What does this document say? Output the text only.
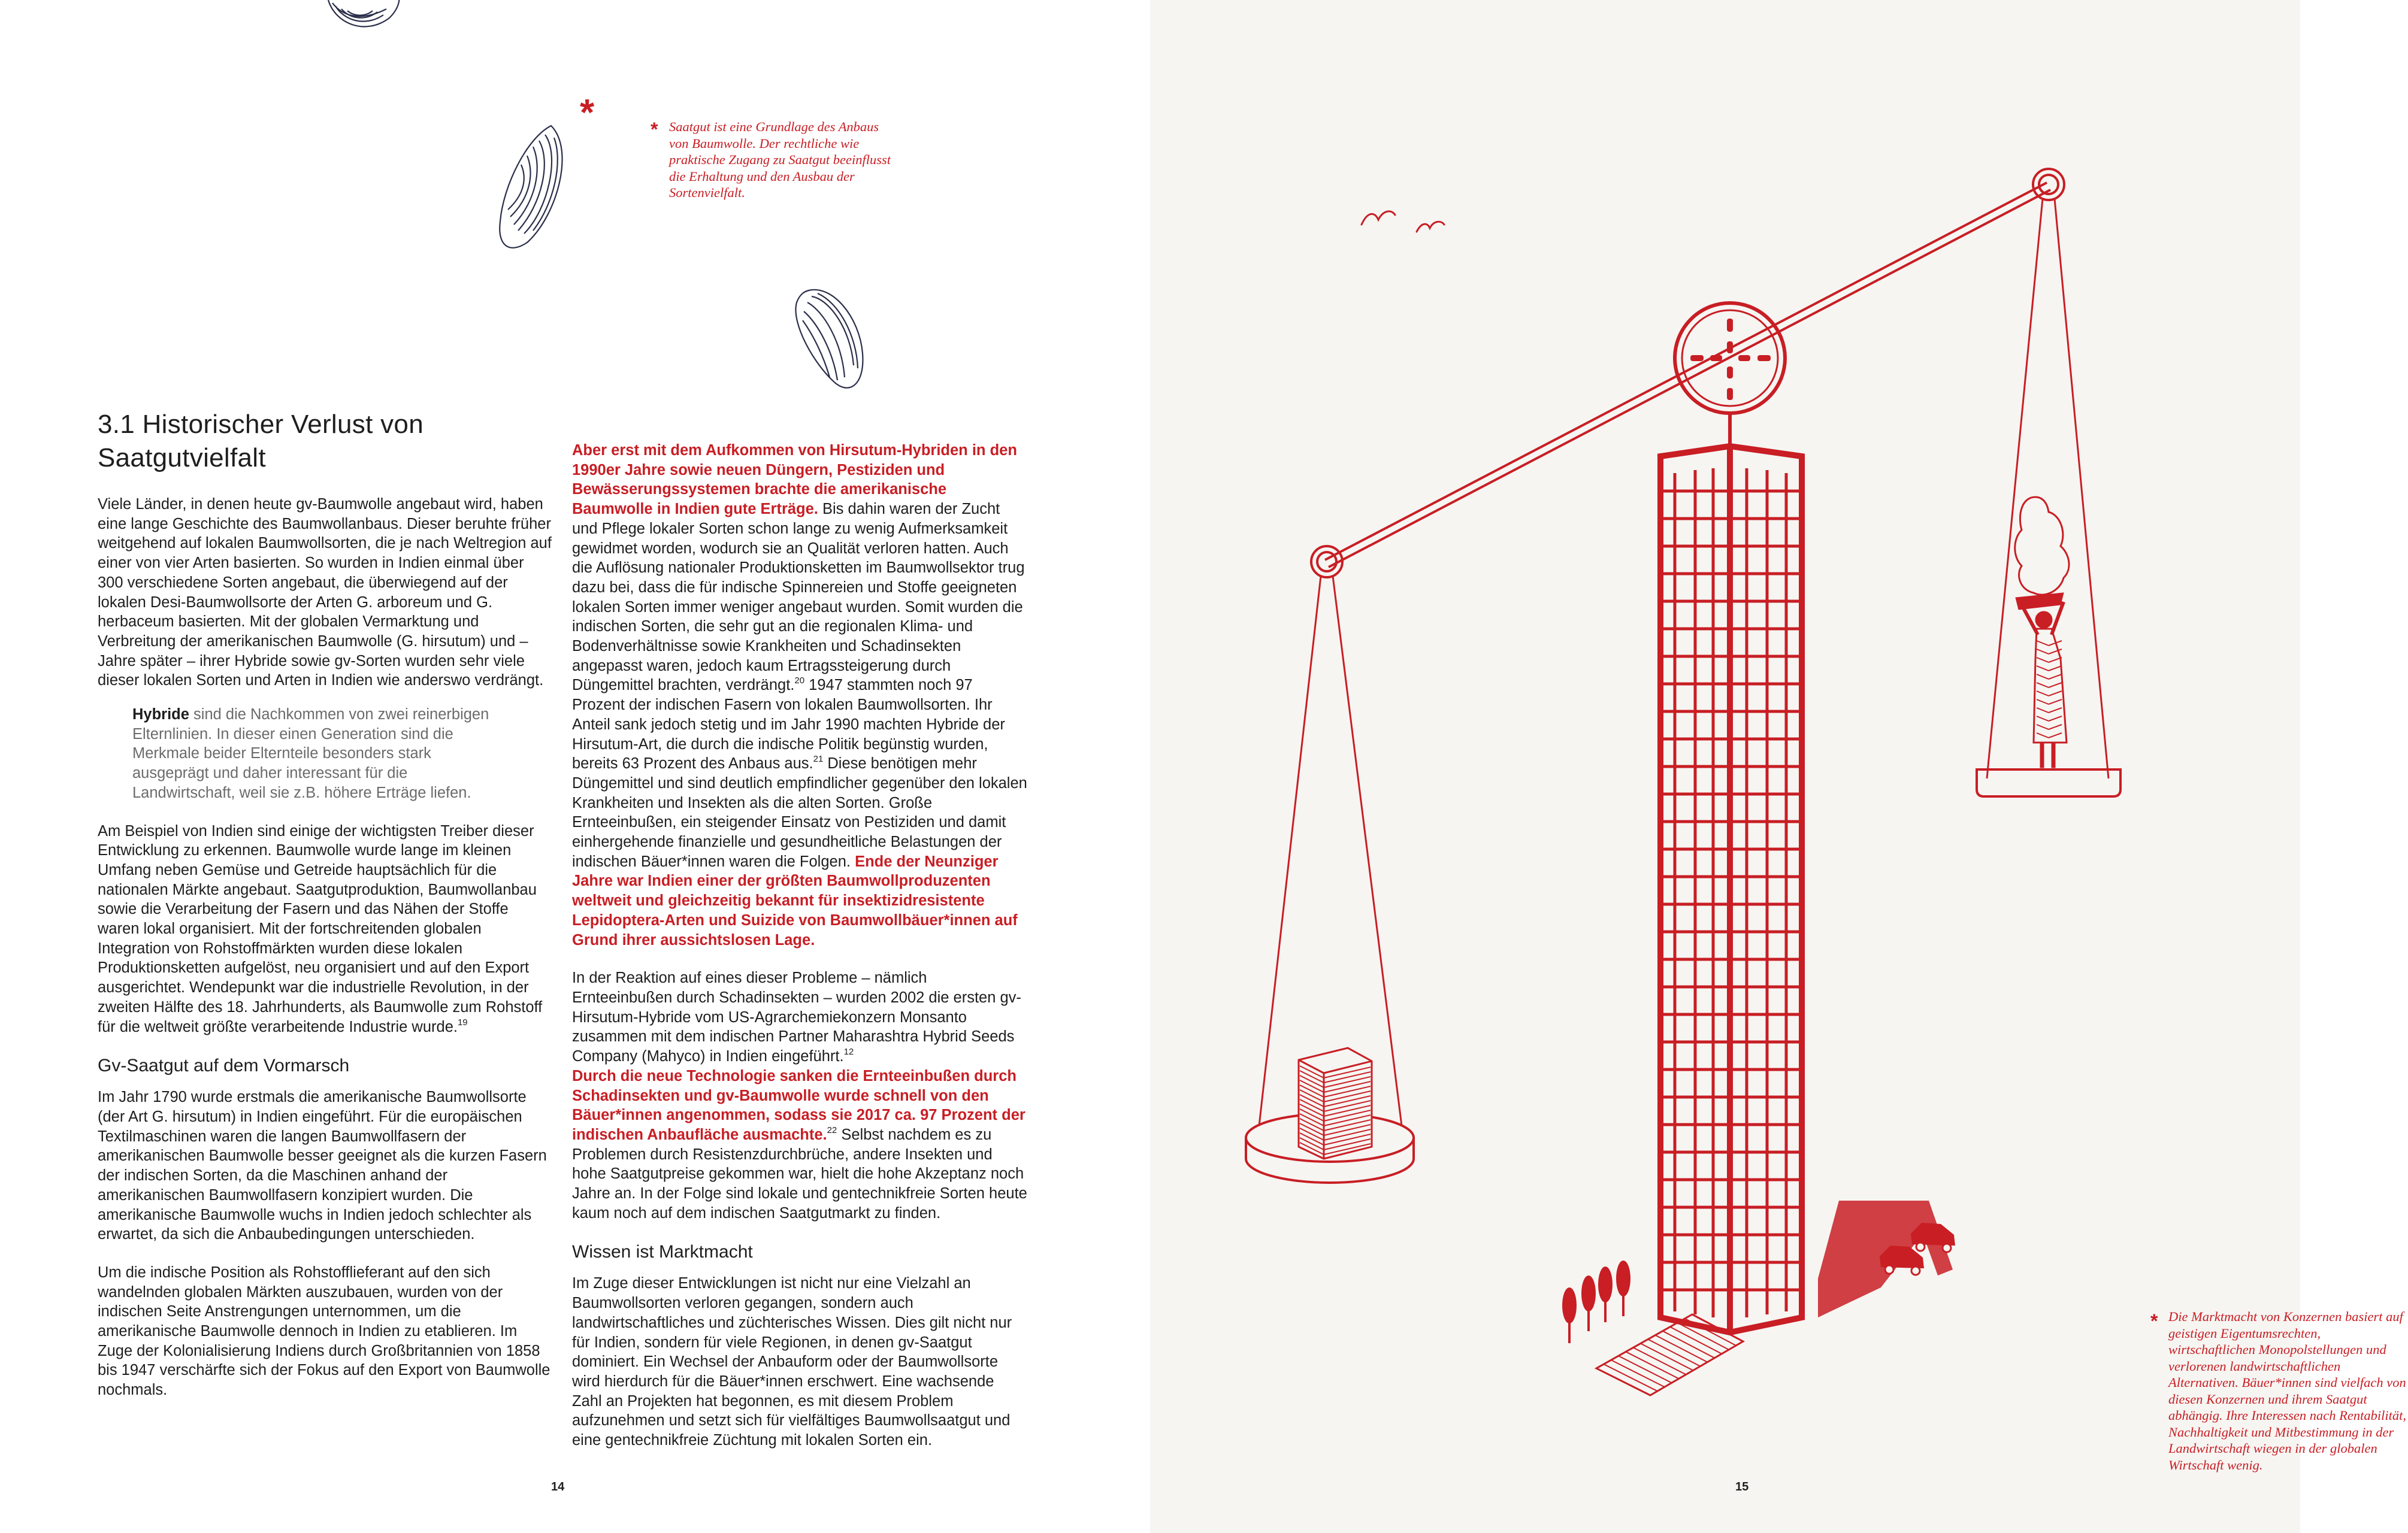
*	* Saatgut ist eine Grundlage des Anbaus von Baumwolle. Der rechtliche wie praktische Zugang zu Saatgut beeinflusst die Erhaltung und den Ausbau der Sortenvielfalt.
3.1 Historischer Verlust von Saatgutvielfalt

Viele Länder, in denen heute gv-Baumwolle angebaut wird, haben eine lange Geschichte des Baumwollanbaus. Dieser beruhte früher weitgehend auf lokalen Baumwollsorten, die je nach Weltregion auf einer von vier Arten basierten. So wurden in Indien einmal über 300 verschiedene Sorten angebaut, die überwiegend auf der lokalen Desi-Baumwollsorte der Arten G. arboreum und G. herbaceum basierten. Mit der globalen Vermarktung und Verbreitung der amerikanischen Baumwolle (G. hirsutum) und – Jahre später – ihrer Hybride sowie gv-Sorten wurden sehr viele dieser lokalen Sorten und Arten in Indien wie anderswo verdrängt.

Hybride sind die Nachkommen von zwei reinerbigen Elternlinien. In dieser einen Generation sind die Merkmale beider Elternteile besonders stark ausgeprägt und daher interessant für die Landwirtschaft, weil sie z.B. höhere Erträge liefen.

Am Beispiel von Indien sind einige der wichtigsten Treiber dieser Entwicklung zu erkennen. Baumwolle wurde lange im kleinen Umfang neben Gemüse und Getreide hauptsächlich für die nationalen Märkte angebaut. Saatgutproduktion, Baumwollanbau sowie die Verarbeitung der Fasern und das Nähen der Stoffe waren lokal organisiert. Mit der fortschreitenden globalen Integration von Rohstoffmärkten wurden diese lokalen Produktionsketten aufgelöst, neu organisiert und auf den Export ausgerichtet. Wendepunkt war die industrielle Revolution, in der zweiten Hälfte des 18. Jahrhunderts, als Baumwolle zum Rohstoff für die weltweit größte verarbeitende Industrie wurde.$^{19}$

Gv-Saatgut auf dem Vormarsch

Im Jahr 1790 wurde erstmals die amerikanische Baumwollsorte (der Art G. hirsutum) in Indien eingeführt. Für die europäischen Textilmaschinen waren die langen Baumwollfasern der amerikanischen Baumwolle besser geeignet als die kurzen Fasern der indischen Sorten, da die Maschinen anhand der amerikanischen Baumwollfasern konzipiert wurden. Die amerikanische Baumwolle wuchs in Indien jedoch schlechter als erwartet, da sich die Anbaubedingungen unterschieden.

Um die indische Position als Rohstofflieferant auf den sich wandelnden globalen Märkten auszubauen, wurden von der indischen Seite Anstrengungen unternommen, um die amerikanische Baumwolle dennoch in Indien zu etablieren. Im Zuge der Kolonialisierung Indiens durch Großbritannien von 1858 bis 1947 verschärfte sich der Fokus auf den Export von Baumwolle nochmals.

Aber erst mit dem Aufkommen von Hirsutum-Hybriden in den 1990er Jahre sowie neuen Düngern, Pestiziden und Bewässerungssystemen brachte die amerikanische Baumwolle in Indien gute Erträge. Bis dahin waren der Zucht und Pflege lokaler Sorten schon lange zu wenig Aufmerksamkeit gewidmet worden, wodurch sie an Qualität verloren hatten. Auch die Auflösung nationaler Produktionsketten im Baumwollsektor trug dazu bei, dass die für indische Spinnereien und Stoffe geeigneten lokalen Sorten immer weniger angebaut wurden. Somit wurden die indischen Sorten, die sehr gut an die regionalen Klima- und Bodenverhältnisse sowie Krankheiten und Schadinsekten angepasst waren, jedoch kaum Ertragssteigerung durch Düngemittel brachten, verdrängt.$^{20}$ 1947 stammten noch 97 Prozent der indischen Fasern von lokalen Baumwollsorten. Ihr Anteil sank jedoch stetig und im Jahr 1990 machten Hybride der Hirsutum-Art, die durch die indische Politik begünstig wurden, bereits 63 Prozent des Anbaus aus.$^{21}$ Diese benötigen mehr Düngemittel und sind deutlich empfindlicher gegenüber den lokalen Krankheiten und Insekten als die alten Sorten. Große Ernteeinbußen, ein steigender Einsatz von Pestiziden und damit einhergehende finanzielle und gesundheitliche Belastungen der indischen Bäuer*innen waren die Folgen. Ende der Neunziger Jahre war Indien einer der größten Baumwollproduzenten weltweit und gleichzeitig bekannt für insektizidresistente Lepidoptera-Arten und Suizide von Baumwollbäuer*innen auf Grund ihrer aussichtslosen Lage.

In der Reaktion auf eines dieser Probleme – nämlich Ernteeinbußen durch Schadinsekten – wurden 2002 die ersten gv-Hirsutum-Hybride vom US-Agrarchemiekonzern Monsanto zusammen mit dem indischen Partner Maharashtra Hybrid Seeds Company (Mahyco) in Indien eingeführt.$^{12}$

Durch die neue Technologie sanken die Ernteeinbußen durch Schadinsekten und gv-Baumwolle wurde schnell von den Bäuer*innen angenommen, sodass sie 2017 ca. 97 Prozent der indischen Anbaufläche ausmachte.$^{22}$ Selbst nachdem es zu Problemen durch Resistenzdurchbrüche, andere Insekten und hohe Saatgutpreise gekommen war, hielt die hohe Akzeptanz noch Jahre an. In der Folge sind lokale und gentechnikfreie Sorten heute kaum noch auf dem indischen Saatgutmarkt zu finden.

Wissen ist Marktmacht

Im Zuge dieser Entwicklungen ist nicht nur eine Vielzahl an Baumwollsorten verloren gegangen, sondern auch landwirtschaftliches und züchterisches Wissen. Dies gilt nicht nur für Indien, sondern für viele Regionen, in denen gv-Saatgut dominiert. Ein Wechsel der Anbauform oder der Baumwollsorte wird hierdurch für die Bäuer*innen erschwert. Eine wachsende Zahl an Projekten hat begonnen, es mit diesem Problem aufzunehmen und setzt sich für vielfältiges Baumwollsaatgut und eine gentechnikfreie Züchtung mit lokalen Sorten ein.

14
* Die Marktmacht von Konzernen basiert auf geistigen Eigentumsrechten, wirtschaftlichen Monopolstellungen und verlorenen landwirtschaftlichen Alternativen. Bäuer*innen sind vielfach von diesen Konzernen und ihrem Saatgut abhängig. Ihre Interessen nach Rentabilität, Nachhaltigkeit und Mitbestimmung in der Landwirtschaft wiegen in der globalen Wirtschaft wenig.
15
